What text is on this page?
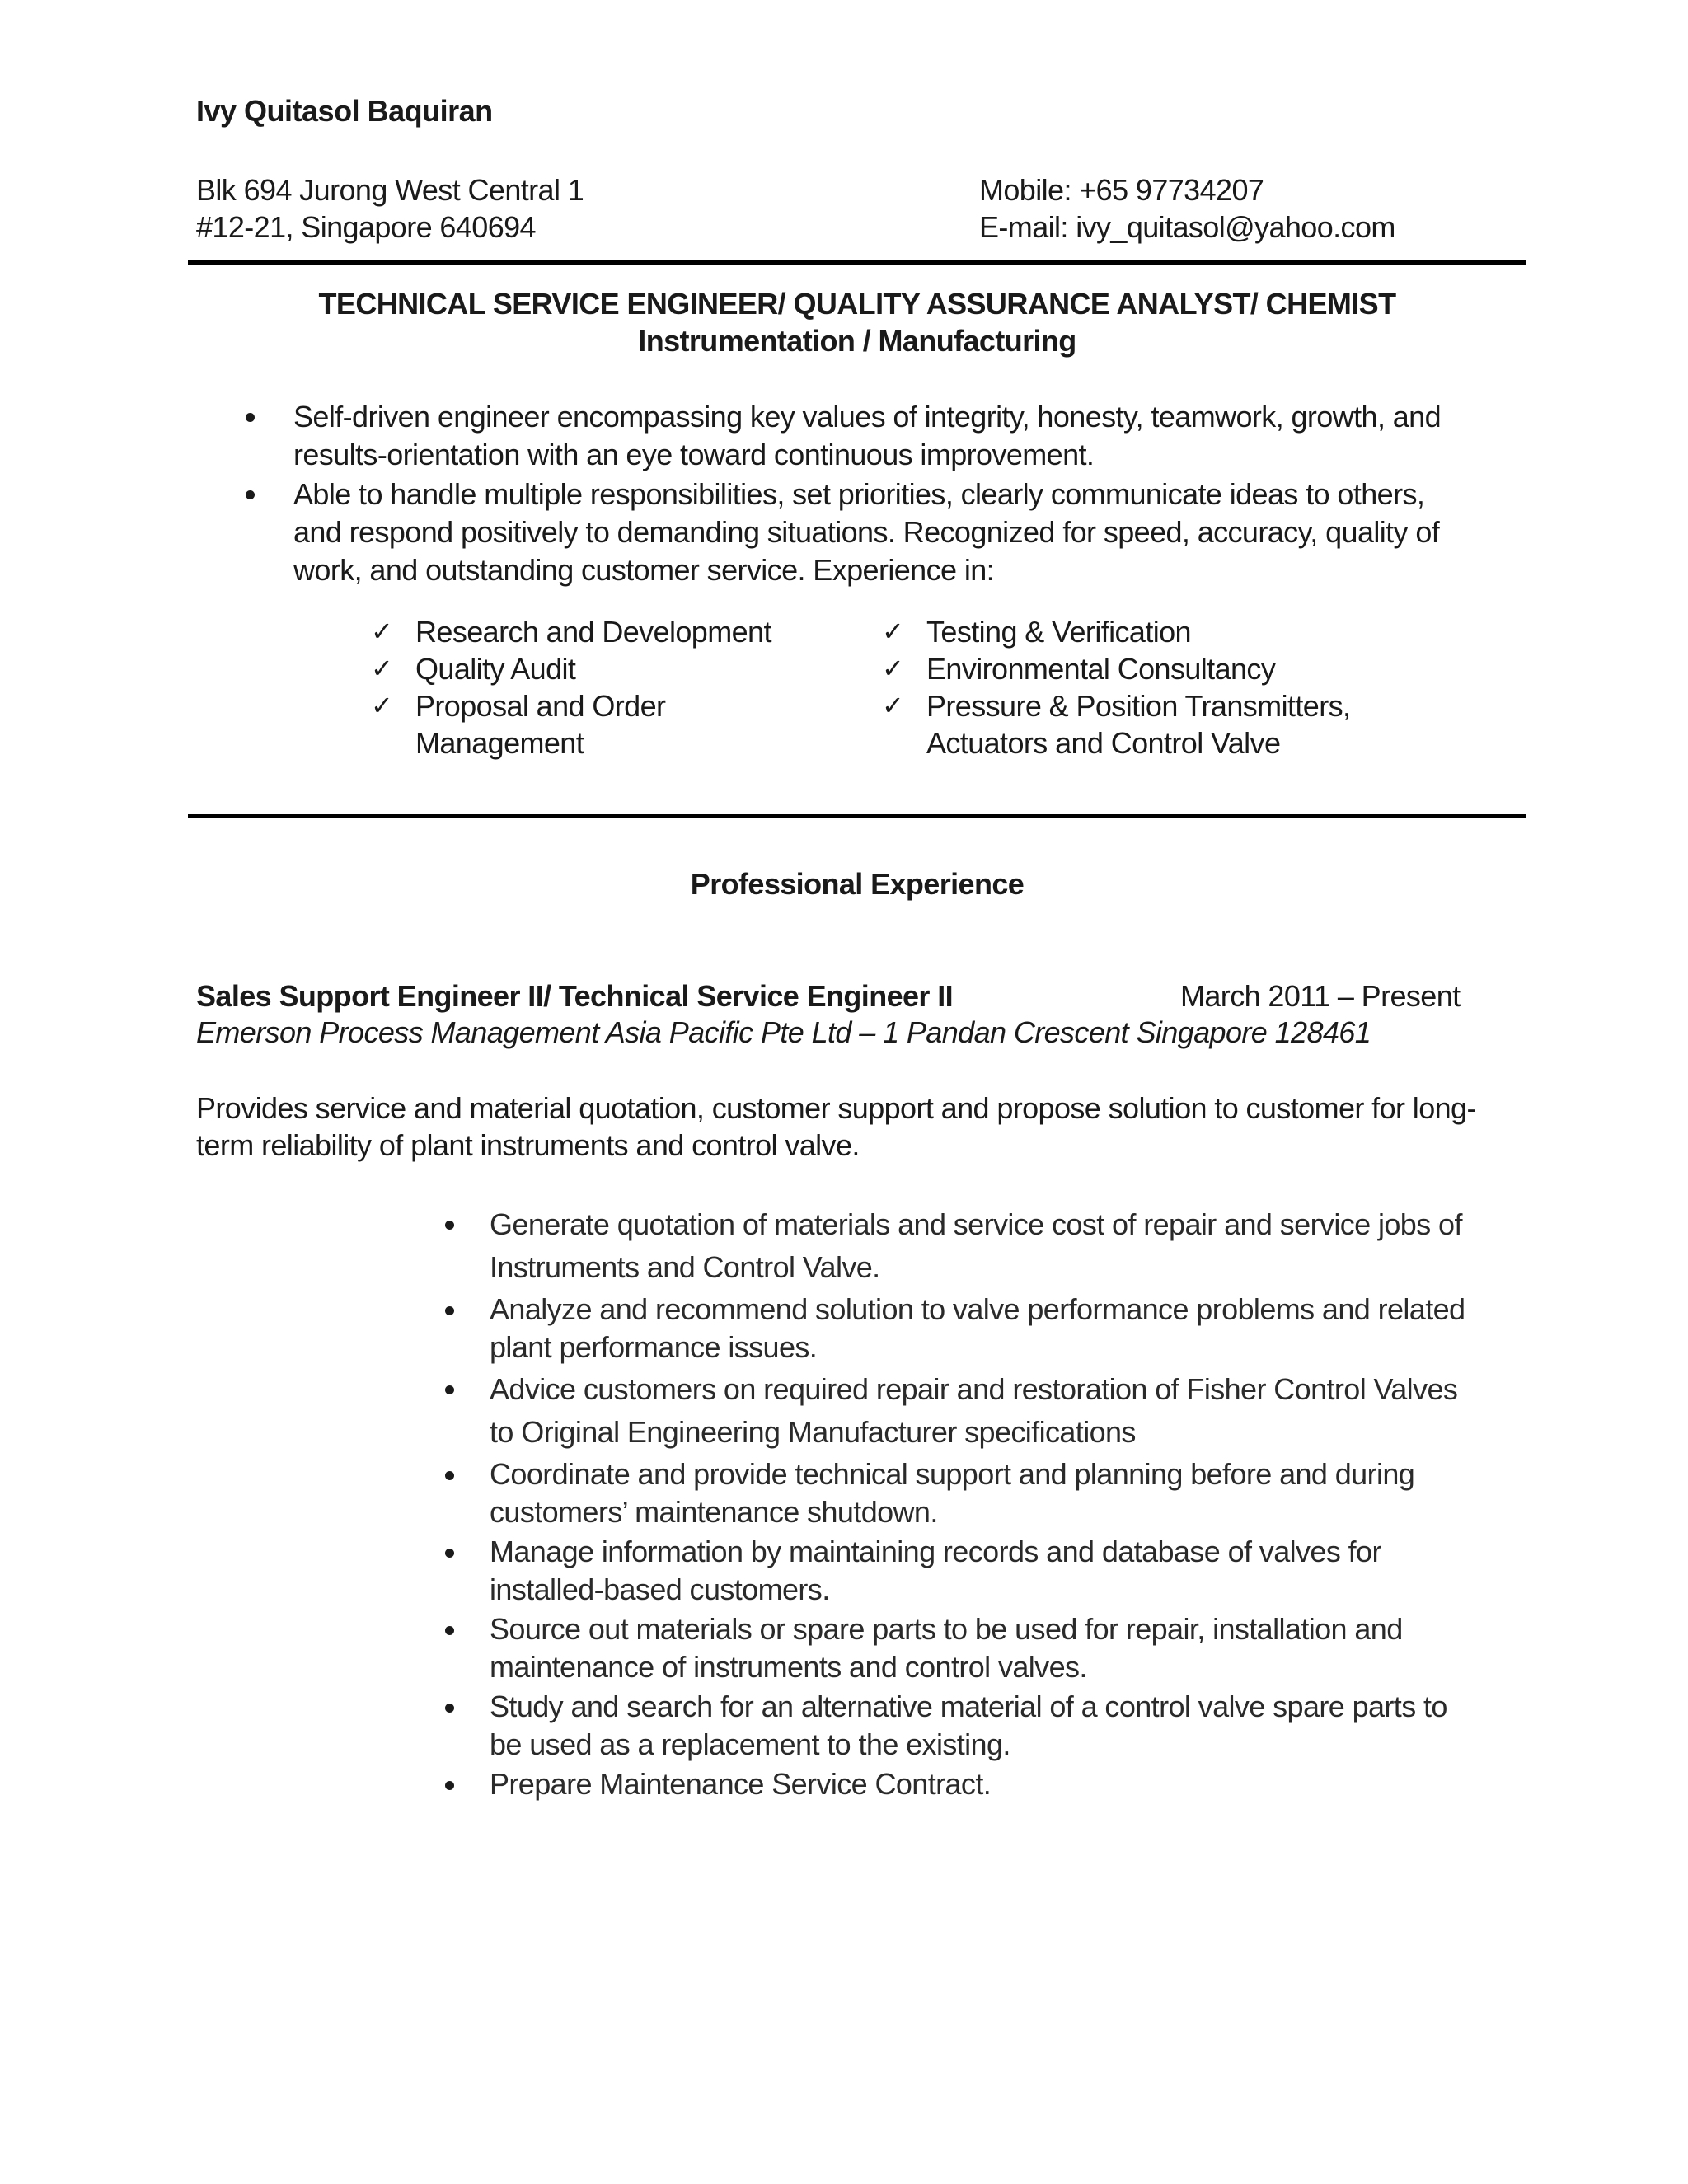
Ivy Quitasol Baquiran
Blk 694 Jurong West Central 1
#12-21, Singapore 640694
Mobile: +65 97734207
E-mail: ivy_quitasol@yahoo.com
TECHNICAL SERVICE ENGINEER/ QUALITY ASSURANCE ANALYST/ CHEMIST
Instrumentation / Manufacturing
Self-driven engineer encompassing key values of integrity, honesty, teamwork, growth, and results-orientation with an eye toward continuous improvement.
Able to handle multiple responsibilities, set priorities, clearly communicate ideas to others, and respond positively to demanding situations. Recognized for speed, accuracy, quality of work, and outstanding customer service. Experience in:
✓ Research and Development
✓ Quality Audit
✓ Proposal and Order Management
✓ Testing & Verification
✓ Environmental Consultancy
✓ Pressure & Position Transmitters, Actuators and Control Valve
Professional Experience
Sales Support Engineer II/ Technical Service Engineer II	March 2011 – Present
Emerson Process Management Asia Pacific Pte Ltd – 1 Pandan Crescent Singapore 128461
Provides service and material quotation, customer support and propose solution to customer for long-term reliability of plant instruments and control valve.
Generate quotation of materials and service cost of repair and service jobs of Instruments and Control Valve.
Analyze and recommend solution to valve performance problems and related plant performance issues.
Advice customers on required repair and restoration of Fisher Control Valves to Original Engineering Manufacturer specifications
Coordinate and provide technical support and planning before and during customers’ maintenance shutdown.
Manage information by maintaining records and database of valves for installed-based customers.
Source out materials or spare parts to be used for repair, installation and maintenance of instruments and control valves.
Study and search for an alternative material of a control valve spare parts to be used as a replacement to the existing.
Prepare Maintenance Service Contract.
